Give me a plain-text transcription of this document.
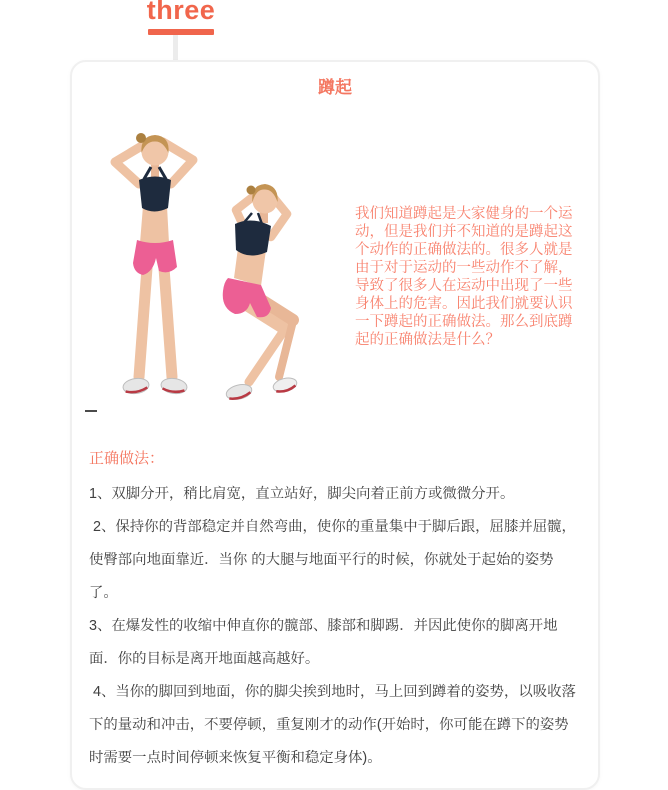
three
蹲起
我们知道蹲起是大家健身的一个运动，但是我们并不知道的是蹲起这个动作的正确做法的。很多人就是由于对于运动的一些动作不了解，导致了很多人在运动中出现了一些身体上的危害。因此我们就要认识一下蹲起的正确做法。那么到底蹲起的正确做法是什么？
正确做法：

1、双脚分开，稍比肩宽，直立站好，脚尖向着正前方或微微分开。

2、保持你的背部稳定并自然弯曲，使你的重量集中于脚后跟，屈膝并屈髋，使臀部向地面靠近．当你 的大腿与地面平行的时候，你就处于起始的姿势了。

3、在爆发性的收缩中伸直你的髋部、膝部和脚踢．并因此使你的脚离开地面．你的目标是离开地面越高越好。

4、当你的脚回到地面，你的脚尖挨到地时，马上回到蹲着的姿势，以吸收落下的量动和冲击，不要停顿，重复刚才的动作(开始时，你可能在蹲下的姿势时需要一点时间停顿来恢复平衡和稳定身体)。
